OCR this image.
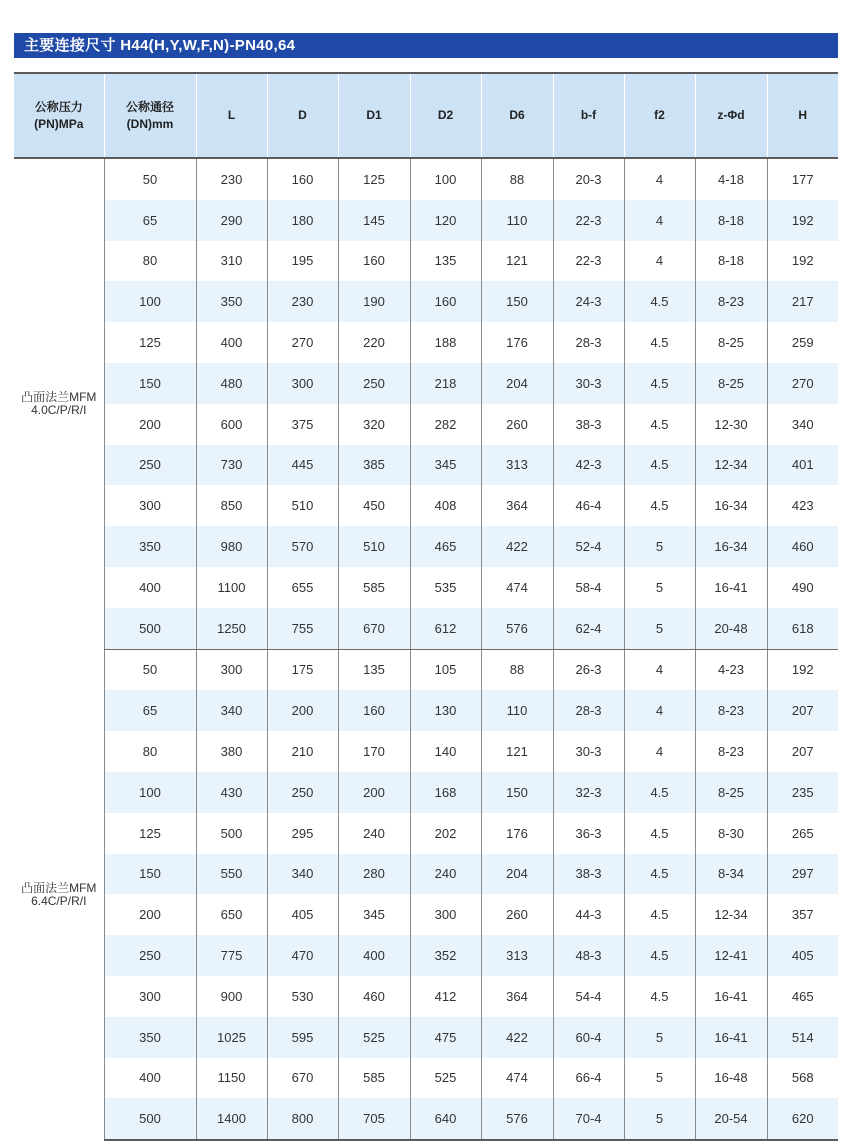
主要连接尺寸 H44(H,Y,W,F,N)-PN40,64
公称压力
(PN)MPa	公称通径
(DN)mm	L	D	D1	D2	D6	b-f	f2	z-Φd	H
凸面法兰MFM
4.0C/P/R/I	50	230	160	125	100	88	20-3	4	4-18	177
	65	290	180	145	120	110	22-3	4	8-18	192
	80	310	195	160	135	121	22-3	4	8-18	192
	100	350	230	190	160	150	24-3	4.5	8-23	217
	125	400	270	220	188	176	28-3	4.5	8-25	259
	150	480	300	250	218	204	30-3	4.5	8-25	270
	200	600	375	320	282	260	38-3	4.5	12-30	340
	250	730	445	385	345	313	42-3	4.5	12-34	401
	300	850	510	450	408	364	46-4	4.5	16-34	423
	350	980	570	510	465	422	52-4	5	16-34	460
	400	1100	655	585	535	474	58-4	5	16-41	490
	500	1250	755	670	612	576	62-4	5	20-48	618
凸面法兰MFM
6.4C/P/R/I	50	300	175	135	105	88	26-3	4	4-23	192
	65	340	200	160	130	110	28-3	4	8-23	207
	80	380	210	170	140	121	30-3	4	8-23	207
	100	430	250	200	168	150	32-3	4.5	8-25	235
	125	500	295	240	202	176	36-3	4.5	8-30	265
	150	550	340	280	240	204	38-3	4.5	8-34	297
	200	650	405	345	300	260	44-3	4.5	12-34	357
	250	775	470	400	352	313	48-3	4.5	12-41	405
	300	900	530	460	412	364	54-4	4.5	16-41	465
	350	1025	595	525	475	422	60-4	5	16-41	514
	400	1150	670	585	525	474	66-4	5	16-48	568
	500	1400	800	705	640	576	70-4	5	20-54	620
